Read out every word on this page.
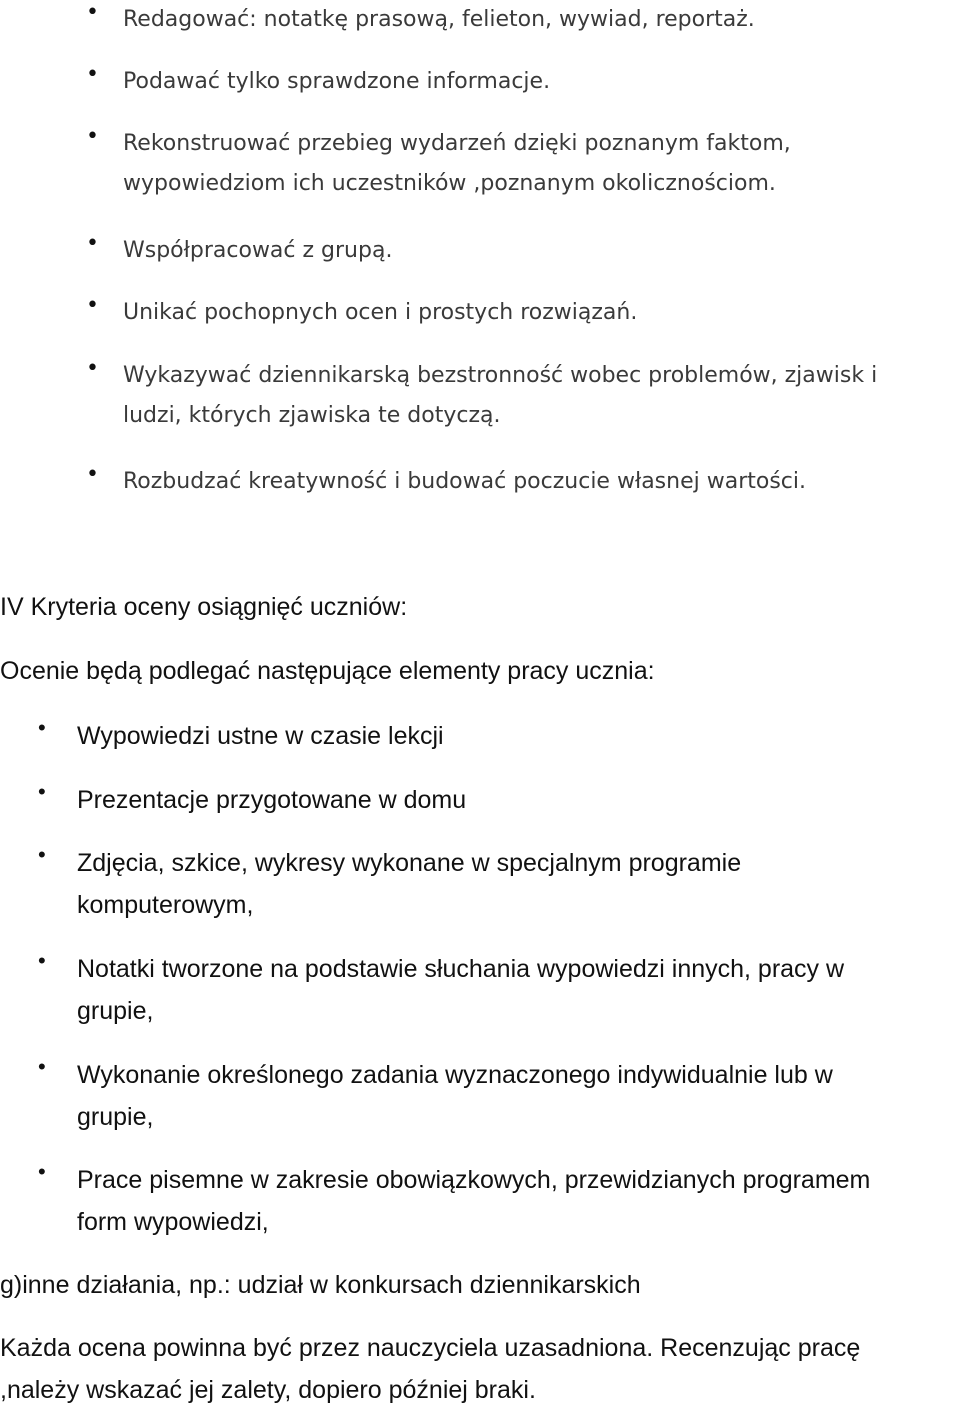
• Redagować: notatkę prasową, felieton, wywiad, reportaż.
• Podawać tylko sprawdzone informacje.
• Rekonstruować przebieg wydarzeń dzięki poznanym faktom,
wypowiedziom ich uczestników ,poznanym okolicznościom.
• Współpracować z grupą.
• Unikać pochopnych ocen i prostych rozwiązań.
• Wykazywać dziennikarską bezstronność wobec problemów, zjawisk i
ludzi, których zjawiska te dotyczą.
• Rozbudzać kreatywność i budować poczucie własnej wartości.

IV Kryteria oceny osiągnięć uczniów:

Ocenie będą podlegać następujące elementy pracy ucznia:

• Wypowiedzi ustne w czasie lekcji
• Prezentacje przygotowane w domu
• Zdjęcia, szkice, wykresy wykonane w specjalnym programie
komputerowym,
• Notatki tworzone na podstawie słuchania wypowiedzi innych, pracy w
grupie,
• Wykonanie określonego zadania wyznaczonego indywidualnie lub w
grupie,
• Prace pisemne w zakresie obowiązkowych, przewidzianych programem
form wypowiedzi,

g)inne działania, np.: udział w konkursach dziennikarskich

Każda ocena powinna być przez nauczyciela uzasadniona. Recenzując pracę
,należy wskazać jej zalety, dopiero później braki.
